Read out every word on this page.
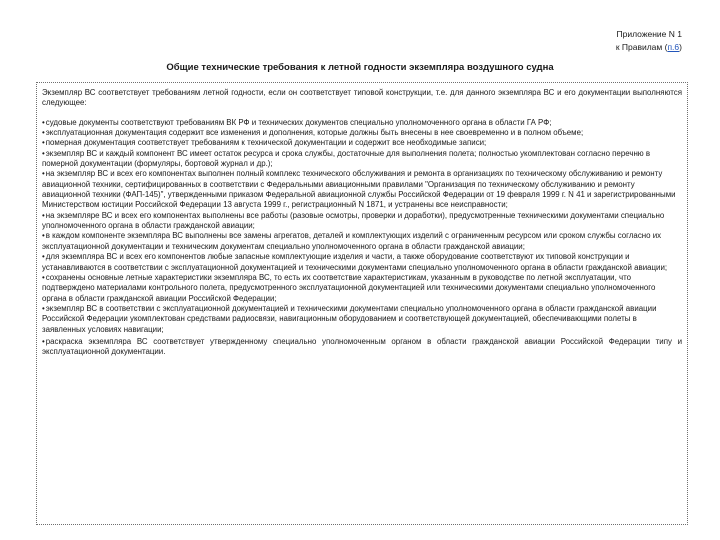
Приложение N 1
к Правилам (п.6)
Общие технические требования к летной годности экземпляра воздушного судна

Экземпляр ВС соответствует требованиям летной годности, если он соответствует типовой конструкции, т.е. для данного экземпляра ВС и его документации выполняются следующее:

•судовые документы соответствуют требованиям ВК РФ и технических документов специально уполномоченного органа в области ГА РФ;

•эксплуатационная документация содержит все изменения и дополнения, которые должны быть внесены в нее своевременно и в полном объеме;

•померная документация соответствует требованиям к технической документации и содержит все необходимые записи;

•экземпляр ВС и каждый компонент ВС имеет остаток ресурса и срока службы, достаточные для выполнения полета; полностью укомплектован согласно перечню в померной документации (формуляры, бортовой журнал и др.);

•на экземпляр ВС и всех его компонентах выполнен полный комплекс технического обслуживания и ремонта в организациях по техническому обслуживанию и ремонту авиационной техники, сертифицированных в соответствии с Федеральными авиационными правилами "Организация по техническому обслуживанию и ремонту авиационной техники (ФАП-145)", утвержденными приказом Федеральной авиационной службы Российской Федерации от 19 февраля 1999 г. N 41 и зарегистрированными Министерством юстиции Российской Федерации 13 августа 1999 г., регистрационный N 1871, и устранены все неисправности;

•на экземпляре ВС и всех его компонентах выполнены все работы (разовые осмотры, проверки и доработки), предусмотренные техническими документами специально уполномоченного органа в области гражданской авиации;

•в каждом компоненте экземпляра ВС выполнены все замены агрегатов, деталей и комплектующих изделий с ограниченным ресурсом или сроком службы согласно их эксплуатационной документации и техническим документам специально уполномоченного органа в области гражданской авиации;

•для экземпляра ВС и всех его компонентов любые запасные комплектующие изделия и части, а также оборудование соответствуют их типовой конструкции и устанавливаются в соответствии с эксплуатационной документацией и техническими документами специально уполномоченного органа в области гражданской авиации;

•сохранены основные летные характеристики экземпляра ВС, то есть их соответствие характеристикам, указанным в руководстве по летной эксплуатации, что подтверждено материалами контрольного полета, предусмотренного эксплуатационной документацией или техническими документами специально уполномоченного органа в области гражданской авиации Российской Федерации;

•экземпляр ВС в соответствии с эксплуатационной документацией и техническими документами специально уполномоченного органа в области гражданской авиации Российской Федерации укомплектован средствами радиосвязи, навигационным оборудованием и соответствующей документацией, обеспечивающими полеты в заявленных условиях навигации;

•раскраска экземпляра ВС соответствует утвержденному специально уполномоченным органом в области гражданской авиации Российской Федерации типу и эксплуатационной документации.
